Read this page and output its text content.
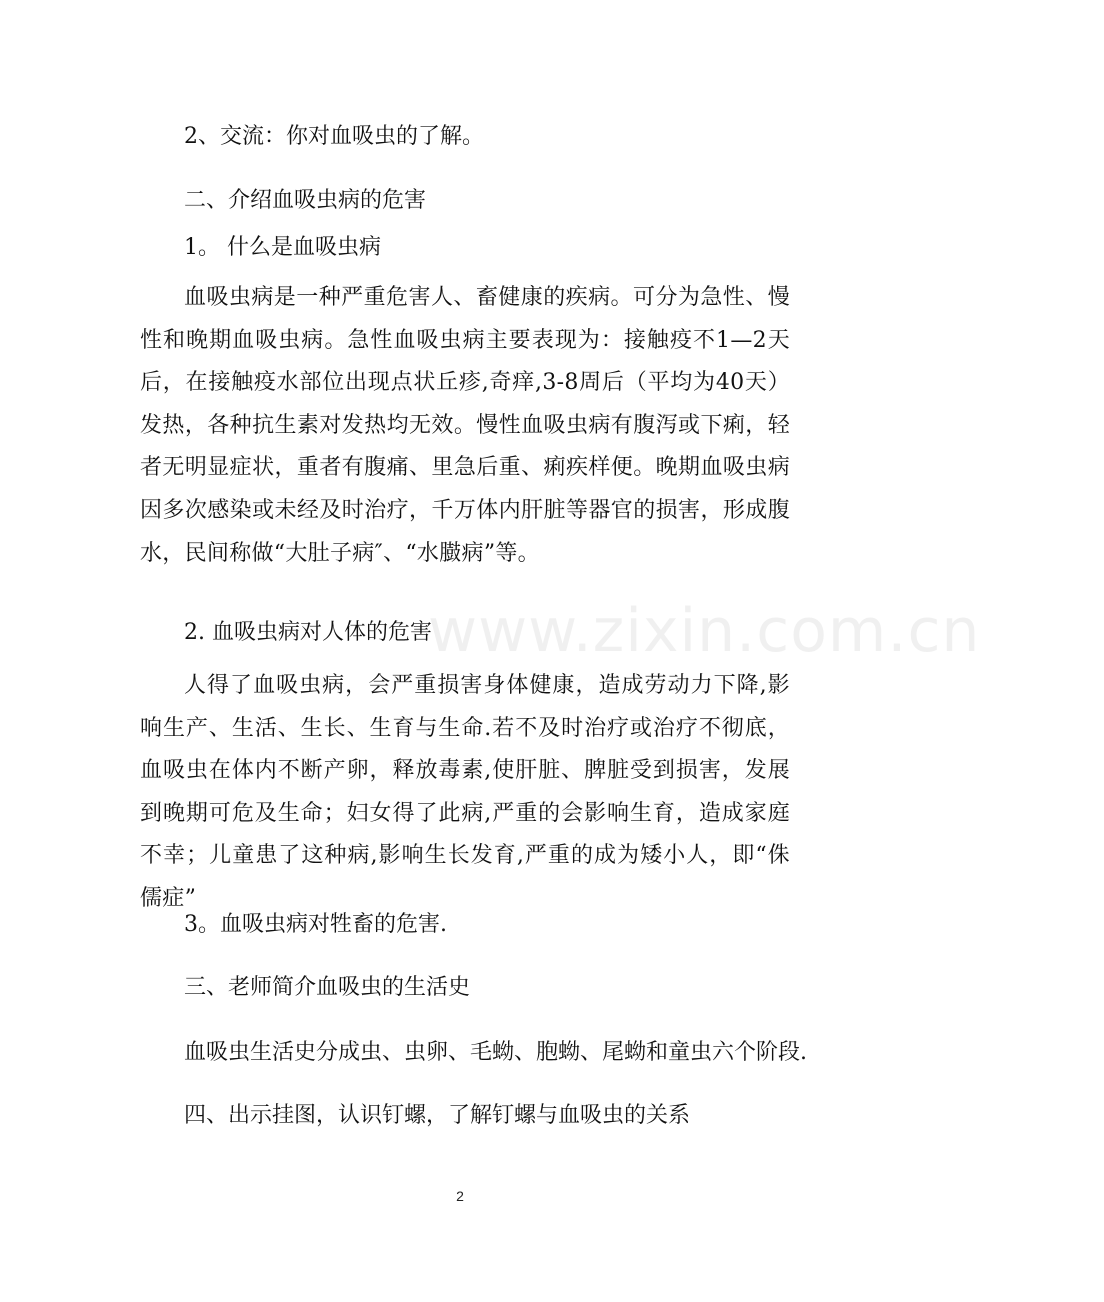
2、交流：你对血吸虫的了解。
二、介绍血吸虫病的危害
1。 什么是血吸虫病
血吸虫病是一种严重危害人、畜健康的疾病。可分为急性、慢性和晚期血吸虫病。急性血吸虫病主要表现为：接触疫不1—2天后，在接触疫水部位出现点状丘疹,奇痒,3-8周后（平均为40天）发热，各种抗生素对发热均无效。慢性血吸虫病有腹泻或下痢，轻者无明显症状，重者有腹痛、里急后重、痢疾样便。晚期血吸虫病因多次感染或未经及时治疗，千万体内肝脏等器官的损害，形成腹水，民间称做“大肚子病″、“水臌病”等。
2. 血吸虫病对人体的危害
人得了血吸虫病，会严重损害身体健康，造成劳动力下降,影响生产、生活、生长、生育与生命.若不及时治疗或治疗不彻底，血吸虫在体内不断产卵，释放毒素,使肝脏、脾脏受到损害，发展到晚期可危及生命；妇女得了此病,严重的会影响生育，造成家庭不幸；儿童患了这种病,影响生长发育,严重的成为矮小人，即“侏儒症”
3。血吸虫病对牲畜的危害.
三、老师简介血吸虫的生活史
血吸虫生活史分成虫、虫卵、毛蚴、胞蚴、尾蚴和童虫六个阶段.
四、出示挂图，认识钉螺，了解钉螺与血吸虫的关系
www.zixin.com.cn
2
